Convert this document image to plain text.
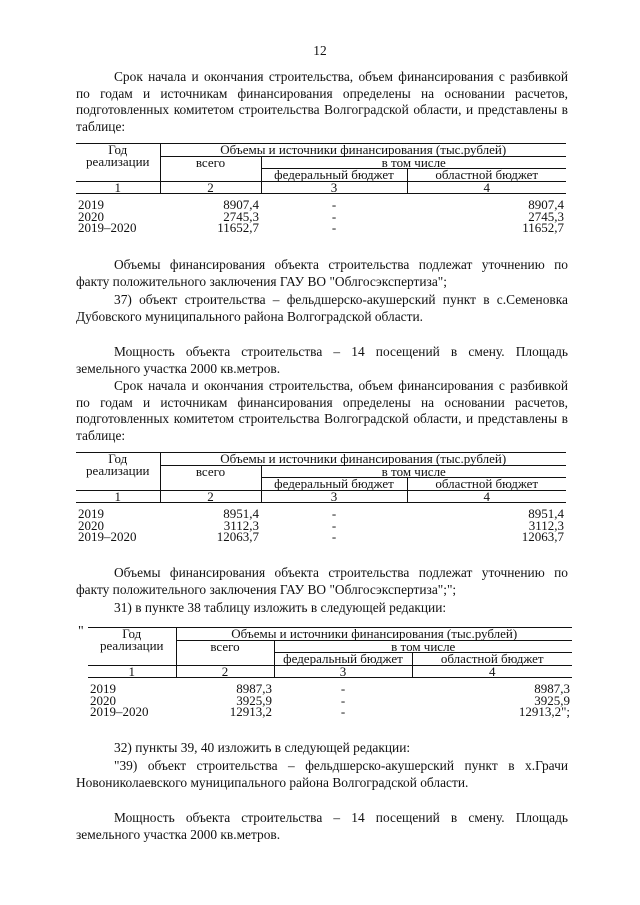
12

Срок начала и окончания строительства, объем финансирования с разбивкой по годам и источникам финансирования определены на основании расчетов, подготовленных комитетом строительства Волгоградской области, и представлены в таблице:

Год реализации	Объемы и источники финансирования (тыс.рублей)		
	всего	в том числе	
		федеральный бюджет	областной бюджет
1	2	3	4

2019	8907,4	-	8907,4
2020	2745,3	-	2745,3
2019–2020	11652,7	-	11652,7

Объемы финансирования объекта строительства подлежат уточнению по факту положительного заключения ГАУ ВО "Облгосэкспертиза";

37) объект строительства – фельдшерско-акушерский пункт в с.Семеновка Дубовского муниципального района Волгоградской области.

Мощность объекта строительства – 14 посещений в смену. Площадь земельного участка 2000 кв.метров.

Срок начала и окончания строительства, объем финансирования с разбивкой по годам и источникам финансирования определены на основании расчетов, подготовленных комитетом строительства Волгоградской области, и представлены в таблице:

Год реализации	Объемы и источники финансирования (тыс.рублей)		
	всего	в том числе	
		федеральный бюджет	областной бюджет
1	2	3	4

2019	8951,4	-	8951,4
2020	3112,3	-	3112,3
2019–2020	12063,7	-	12063,7

Объемы финансирования объекта строительства подлежат уточнению по факту положительного заключения ГАУ ВО "Облгосэкспертиза";";

31) в пункте 38 таблицу изложить в следующей редакции:

"	Год реализации	Объемы и источники финансирования (тыс.рублей)		
	всего	в том числе	
		федеральный бюджет	областной бюджет
1	2	3	4

2019	8987,3	-	8987,3
2020	3925,9	-	3925,9
2019–2020	12913,2	-	12913,2";

32) пункты 39, 40 изложить в следующей редакции:

"39) объект строительства – фельдшерско-акушерский пункт в х.Грачи Новониколаевского муниципального района Волгоградской области.

Мощность объекта строительства – 14 посещений в смену. Площадь земельного участка 2000 кв.метров.
